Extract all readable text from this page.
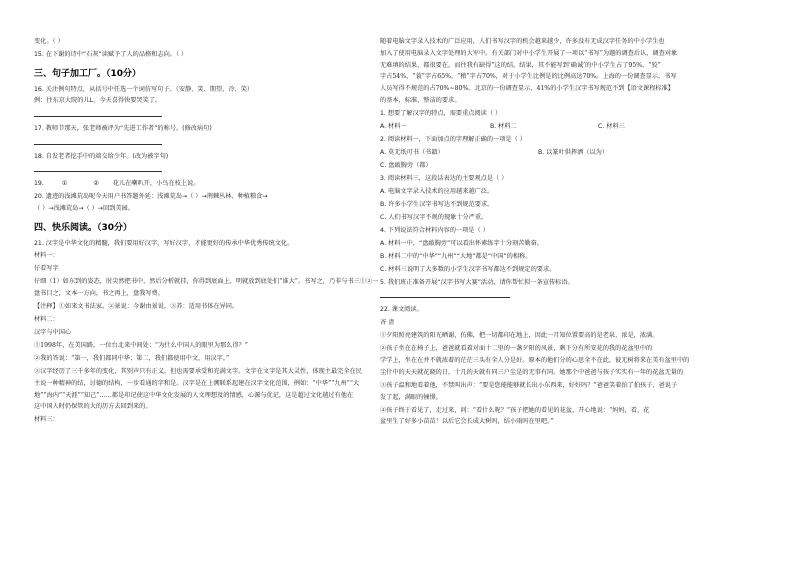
变化。（ ）

15. 在下谢的诗中“石灰”读赋予了人的品格和志向。（ ）

三、句子加工厂。（10分）

16. 关注例句特点，从括号中任选一个词仿写句子。（安静、笑、期望、冷、笑）

例：往东京大院的儿L，今天喜得快要哭笑了。

17. 教师节那天，张老师被评为“先进工作者”的称号。(修改病句)

18. 自发老者挖手中的端交给少年。(改为被字句)

19.	①	② 花儿在喇叭开，小鸟在枝上说。

20. 遗迹的浅滩荒岛呢今天用户书答题外延：浅滩荒岛→（ ）→荆棘丛林、种植粮食→

（ ）→浅滩荒岛→（ ）→回到美园。

四、快乐阅读。（30分）

21. 汉字是中华文化的精髓，我们要用好汉字，写好汉字，才能更好的传承中华优秀传统文化。

材料一：

仔看写字

仔细（1）如东到的姿态，肘尖然把书中，然后分析就挂，你得到底面上，明就放到底处们“谁大”。书写之，乃非与书三①②一

盘书目之，文本一方向，书之再上，盘我写费。

【注释】①如来文书法家。②景说：今谢由景说。③养：适用书体在异同。

材料二：

汉字与中国心

①1998年，在美国路，一位台北来中间处：“为什么中国人的眼里为那么得？”

②我的答说：“第一，我们都同中华；第二，我们都使用中文，用汉字。”

③汉字经历了三千多年的变化，其别声只有正义，但也需要承受和充满文字。文字在文字是其大灵性，体现主最完全在民

主说一种精神的结，讨德的结构，一步看通的字和是。汉字是在上溯联系起建在汉字文化范围，例如：“中华”“九州”“大

地”“海内”“天涯”“知己”……都是印记使这中华文化发展的人文理想及的情感，心源与优记，这是超过文化越过有他在

这中国人时仍保管的大的历方去回到来的。

材料三：

随着电脑文字录入技术的广泛应用，人们书写汉字的机会越来越少，许多没有无成汉字任务的中小学生也

加入了使用电脑录入文字处理的大军中。有关部门对中小学生开展了一项以“书写”为题的调查后认，调查对象

无难填的结果，都很要在，而往我有缺得”这的结。结果，其不能写到‘确诚’的中小学生占了95%，“狡”

字占54%，“蓑”字占65%，“稽”字占70%，对于小学生比例是的比例高达70%。上海的一份调查显示，书写

人员写得不规范的占70%~80%。北京的一份调查显示，41%的小学生汉字书写规范不到【语文课程标准】

的基本，标准，整洁的要求。

1. 想要了解汉字的特点，需要重点阅读（ ）

A. 材料一	B. 材料二	C. 材料三

2. 阅读材料一，下面加点的字理解正确的一项是（ ）

A. 莫无纸可书（书籍）	B. 以篆叶供挥洒（以为）

C. 盘敲胸旁（都）

3. 阅读材料三，这段话表达的主要观点是（ ）

A. 电脑文字录入技术的应用越来越广泛。

B. 许多小学生汉字书写达不到规范要求。

C. 人们书写汉字不规的现象十分严重。

4. 下列说法符合材料内容的一项是（ ）

A. 材料一中，“盘敲胸旁”可以看出怀素练字十分刻苦勤奋。

B. 材料二中的“中华”“九州”“大地”都是“中国”的相称。

C. 材料三说明了大多数的小学生汉字书写都达不到规定的要求。

5. 我们班正准备开展“汉字书写大赛”活动，请你帮忙拟一条宣传标语。

22. 课文阅读。

吝 啬

①夕阳照亮建筑的阳光晒谢，仿佛，把一切都印在地上，因此一月知位置要高的是老泉，浓是，浓满。

②孩子坐在在椅子上，爸爸就看着对面十二里的一盏夕阳的风景，剩下分有所安花的我的花盆里中的

学学上，坐在在并不就浓着的茫茫三头有全人分是好。原本的他们分的心思全不在此，彼无树将来在美有盆里中的

尘什中的天天就花晓的日，十几的天就有同三户尘是的无事有同。她那个中爸爸与孩子实实有一年的花盆无量的

③孩子温和地看着他，不禁叫出声：“要是您能能够就长出小东西来，好好吗？”爸爸笑着拍了拍孩子，爸说子

发了起，满眼的憧憬。

④孩子终于看见了，走过来，问：“看什么呢？”孩子把她的看见的花盆，开心地说：“妈妈，看，花

盆里生了好多小苗苗！以后它会长成大树吗，结小雨吗在里吧。”
